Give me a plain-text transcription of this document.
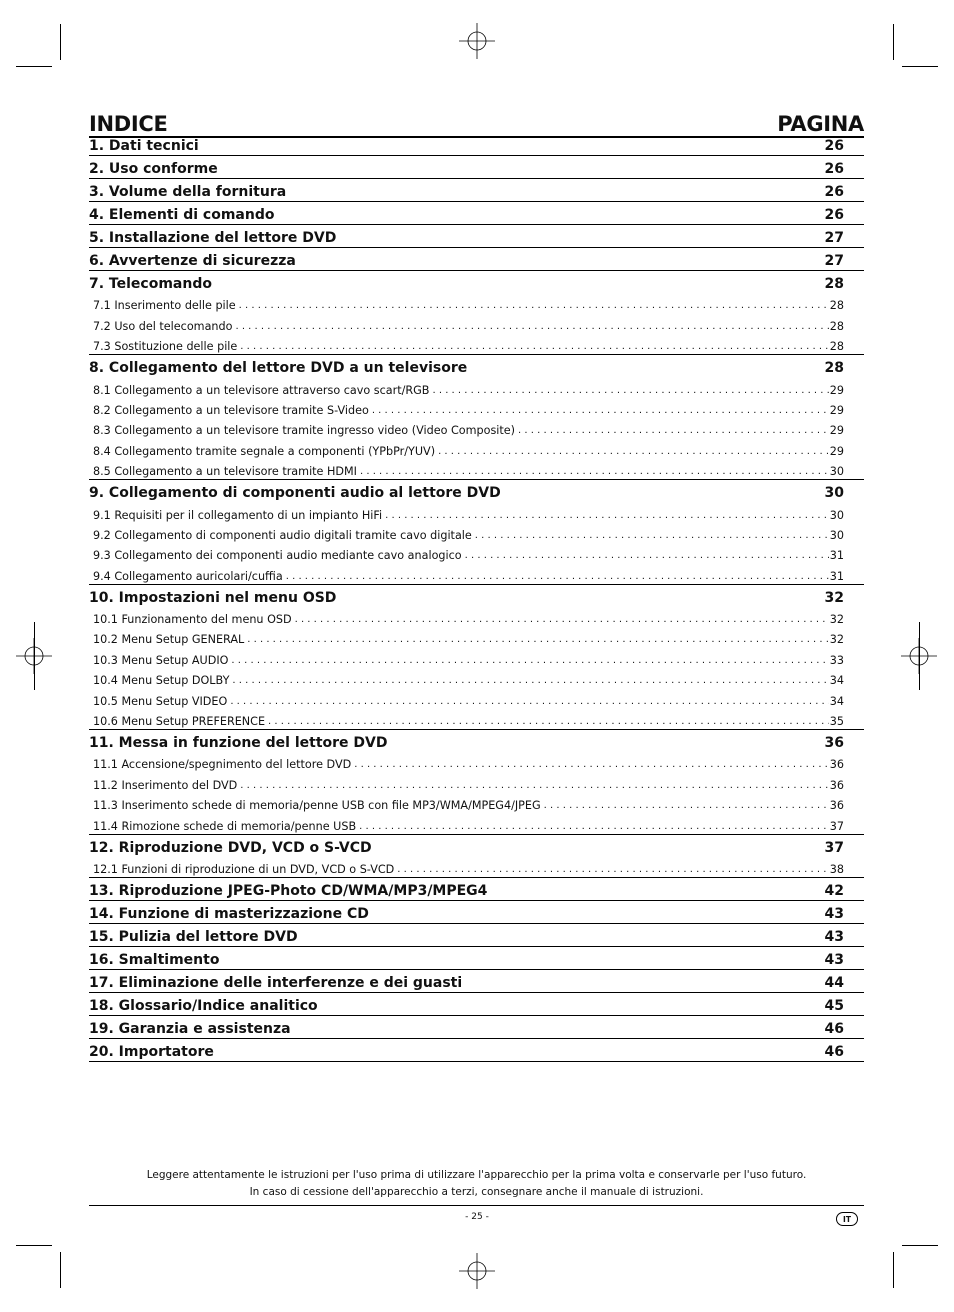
INDICE	PAGINA
1. Dati tecnici	26
2. Uso conforme	26
3. Volume della fornitura	26
4. Elementi di comando	26
5. Installazione del lettore DVD	27
6. Avvertenze di sicurezza	27
7. Telecomando	28
7.1 Inserimento delle pile . . .	28
7.2 Uso del telecomando . . .	28
7.3 Sostituzione delle pile . . .	28
8. Collegamento del lettore DVD a un televisore	28
8.1 Collegamento a un televisore attraverso cavo scart/RGB . . .	29
8.2 Collegamento a un televisore tramite S-Video . . .	29
8.3 Collegamento a un televisore tramite ingresso video (Video Composite) . . .	29
8.4 Collegamento tramite segnale a componenti (YPbPr/YUV) . . .	29
8.5 Collegamento a un televisore tramite HDMI . . .	30
9. Collegamento di componenti audio al lettore DVD	30
9.1 Requisiti per il collegamento di un impianto HiFi . . .	30
9.2 Collegamento di componenti audio digitali tramite cavo digitale . . .	30
9.3 Collegamento dei componenti audio mediante cavo analogico . . .	31
9.4 Collegamento auricolari/cuffia . . .	31
10. Impostazioni nel menu OSD	32
10.1 Funzionamento del menu OSD . . .	32
10.2 Menu Setup GENERAL . . .	32
10.3 Menu Setup AUDIO . . .	33
10.4 Menu Setup DOLBY . . .	34
10.5 Menu Setup VIDEO . . .	34
10.6 Menu Setup PREFERENCE . . .	35
11. Messa in funzione del lettore DVD	36
11.1 Accensione/spegnimento del lettore DVD . . .	36
11.2 Inserimento del DVD . . .	36
11.3 Inserimento schede di memoria/penne USB con file MP3/WMA/MPEG4/JPEG . . .	36
11.4 Rimozione schede di memoria/penne USB . . .	37
12. Riproduzione DVD, VCD o S-VCD	37
12.1 Funzioni di riproduzione di un DVD, VCD o S-VCD . . .	38
13. Riproduzione JPEG-Photo CD/WMA/MP3/MPEG4	42
14. Funzione di masterizzazione CD	43
15. Pulizia del lettore DVD	43
16. Smaltimento	43
17. Eliminazione delle interferenze e dei guasti	44
18. Glossario/Indice analitico	45
19. Garanzia e assistenza	46
20. Importatore	46
Leggere attentamente le istruzioni per l'uso prima di utilizzare l'apparecchio per la prima volta e conservarle per l'uso futuro.
In caso di cessione dell'apparecchio a terzi, consegnare anche il manuale di istruzioni.
- 25 -	IT
